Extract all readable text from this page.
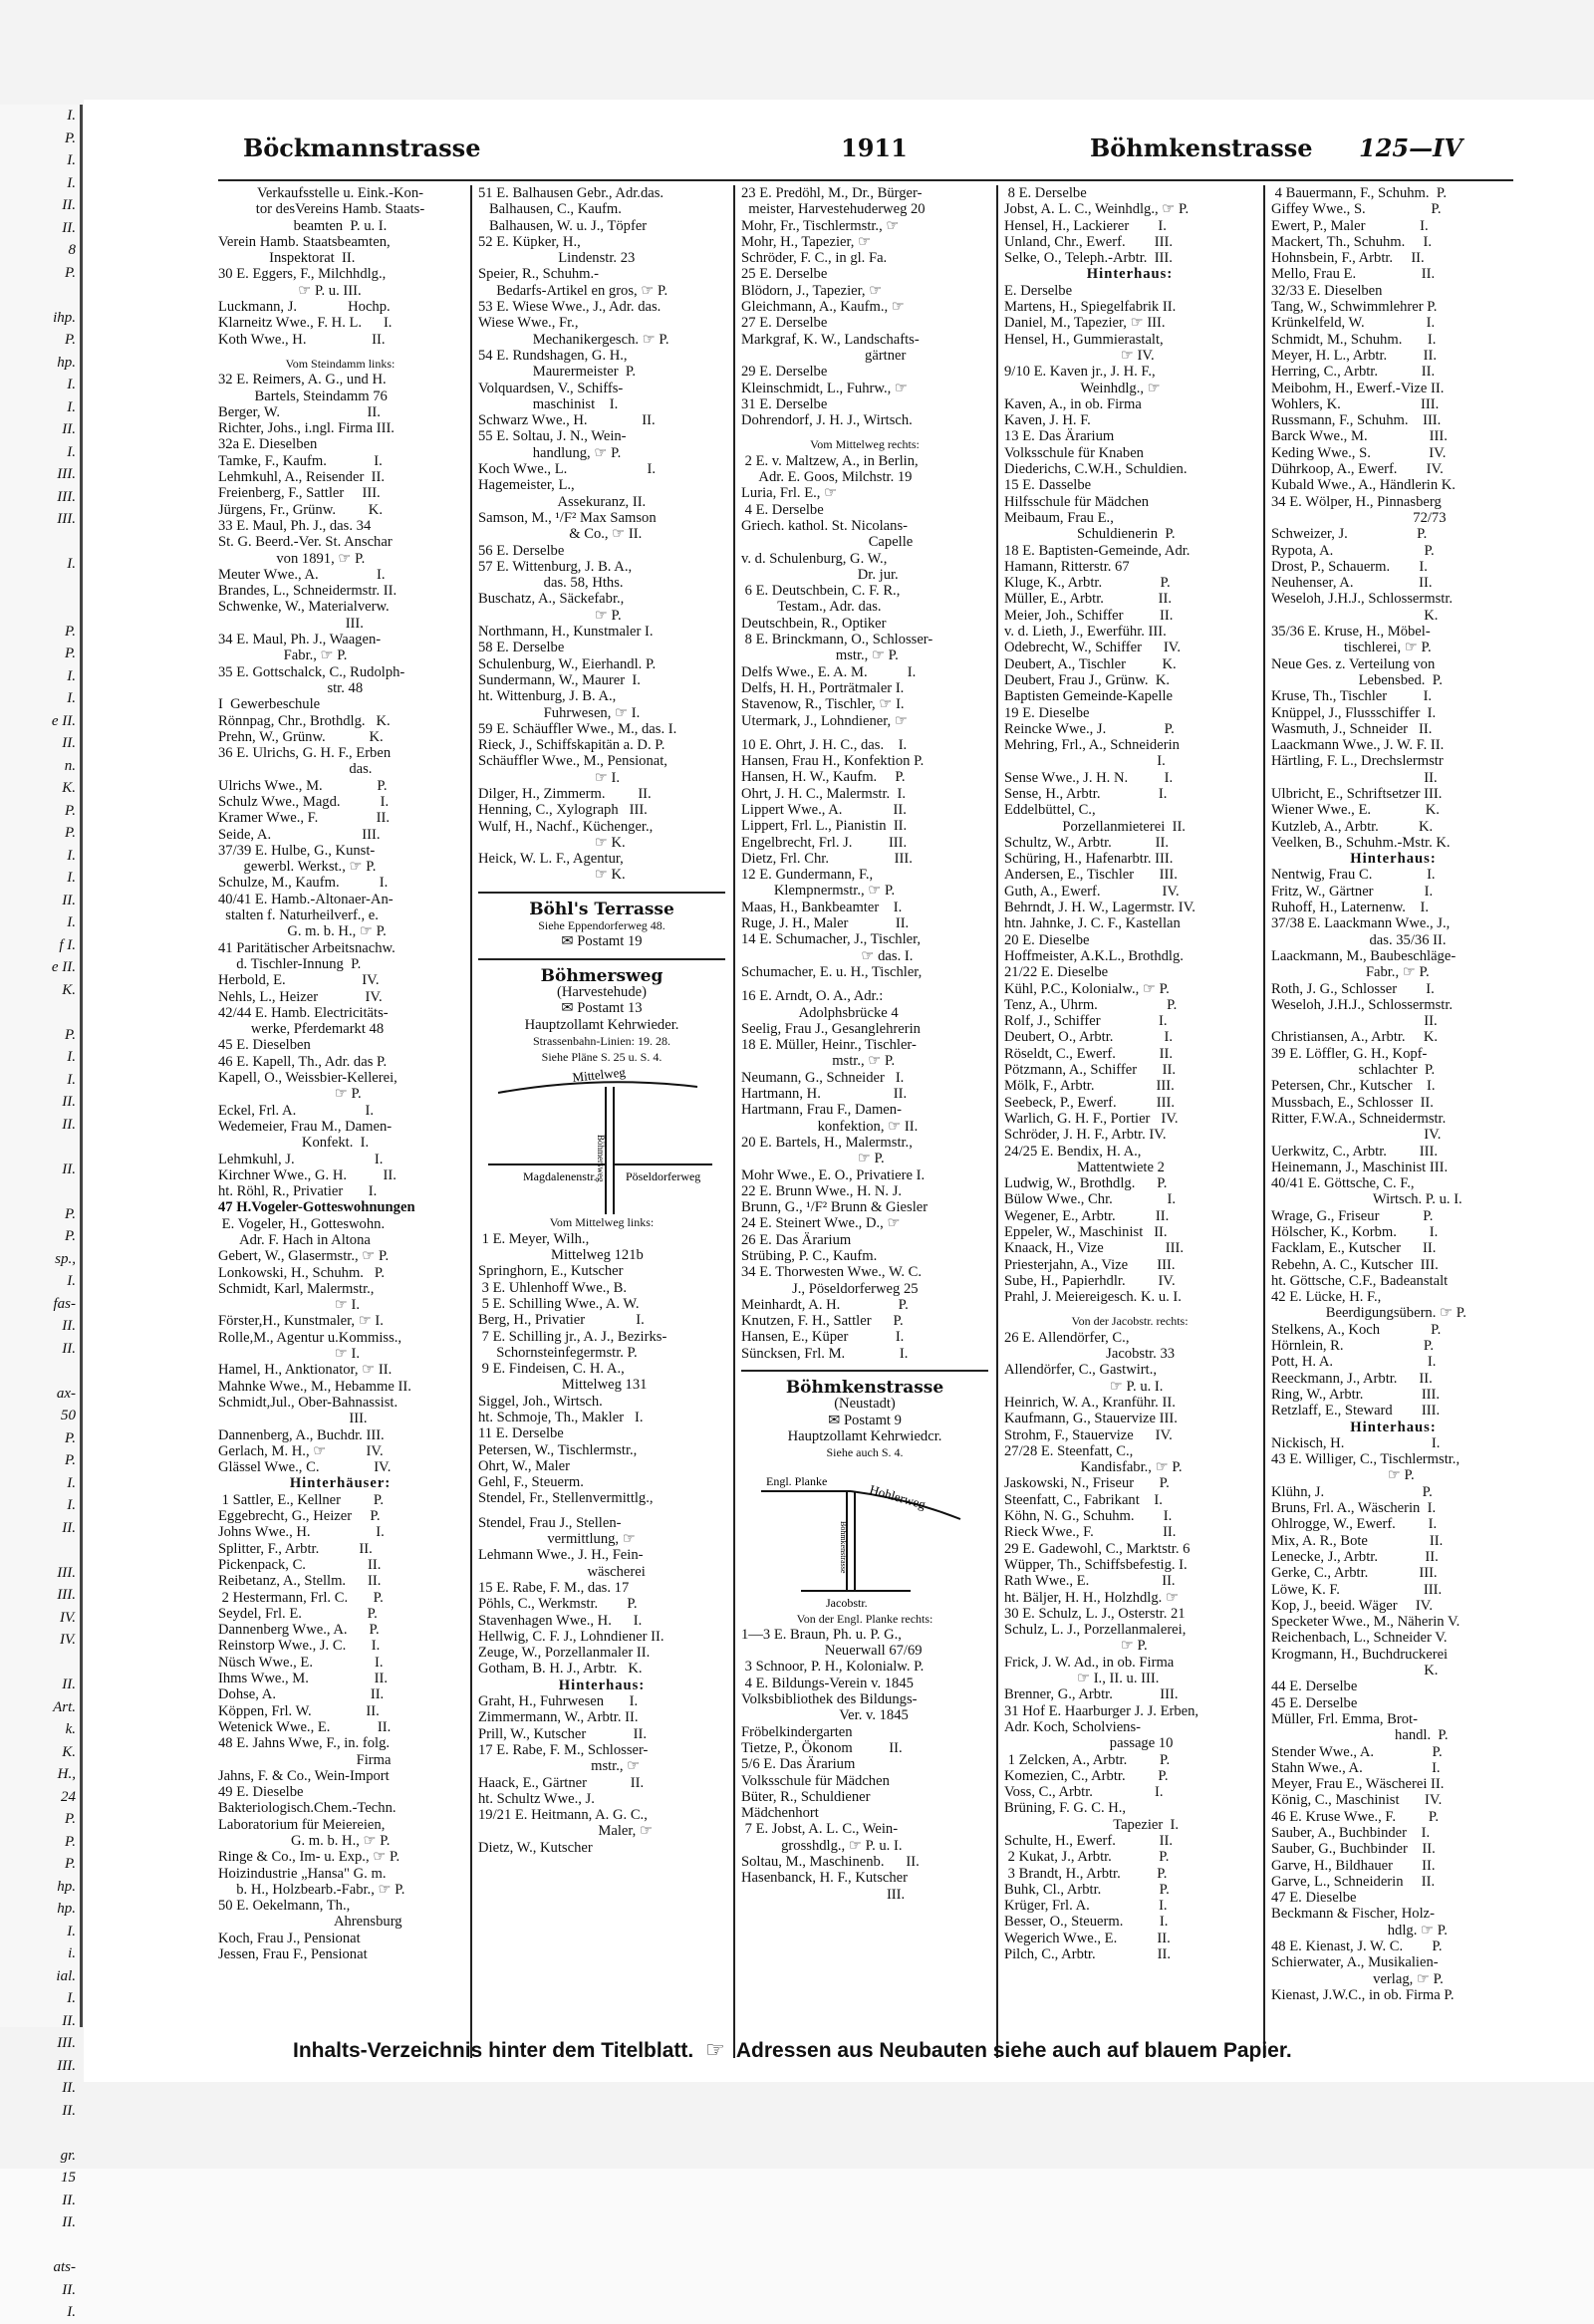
I.
P.
I.
I.
II.
II.
8
P.
ihp.
P.
hp.
I.
I.
II.
I.
III.
III.
III.
I.
P.
P.
I.
I.
e II.
II.
n.
K.
P.
P.
I.
I.
II.
I.
f I.
e II.
K.
P.
I.
I.
II.
II.
II.
P.
P.
sp.,
I.
fas-
II.
II.
ax-
50
P.
P.
I.
I.
II.
III.
III.
IV.
IV.
II.
Art.
k.
K.
H.,
24
P.
P.
P.
hp.
hp.
I.
i.
ial.
I.
II.
III.
III.
II.
II.
gr.
15
II.
II.
ats-
II.
I.
Böckmannstrasse	1911	Böhmkenstrasse 125—IV
Verkaufsstelle u. Eink.-Kon-
tor desVereins Hamb. Staats-
beamten  P. u. I.
Verein Hamb. Staatsbeamten,
Inspektorat  II.
30 E. Eggers, F., Milchhdlg.,
☞ P. u. III.
Luckmann, J.              Hochp.
Klarneitz Wwe., F. H. L.      I.
Koth Wwe., H.                  II.
Vom Steindamm links:
32 E. Reimers, A. G., und H.
Bartels, Steindamm 76
Berger, W.                        II.
Richter, Johs., i.ngl. Firma III.
32a E. Dieselben
Tamke, F., Kaufm.             I.
Lehmkuhl, A., Reisender  II.
Freienberg, F., Sattler     III.
Jürgens, Fr., Grünw.         K.
33 E. Maul, Ph. J., das. 34
St. G. Beerd.-Ver. St. Anschar
von 1891, ☞ P.
Meuter Wwe., A.                I.
Brandes, L., Schneidermstr. II.
Schwenke, W., Materialverw.
III.
34 E. Maul, Ph. J., Waagen-
Fabr., ☞ P.
35 E. Gottschalck, C., Rudolph-
str. 48
I  Gewerbeschule
Rönnpag, Chr., Brothdlg.   K.
Prehn, W., Grünw.            K.
36 E. Ulrichs, G. H. F., Erben
das.
Ulrichs Wwe., M.               P.
Schulz Wwe., Magd.           I.
Kramer Wwe., F.                II.
Seide, A.                         III.
37/39 E. Hulbe, G., Kunst-
gewerbl. Werkst., ☞ P.
Schulze, M., Kaufm.           I.
40/41 E. Hamb.-Altonaer-An-
stalten f. Naturheilverf., e.
G. m. b. H., ☞ P.
41 Paritätischer Arbeitsnachw.
d. Tischler-Innung  P.
Herbold, E.                     IV.
Nehls, L., Heizer             IV.
42/44 E. Hamb. Electricitäts-
werke, Pferdemarkt 48
45 E. Dieselben
46 E. Kapell, Th., Adr. das P.
Kapell, O., Weissbier-Kellerei,
☞ P.
Eckel, Frl. A.                   I.
Wedemeier, Frau M., Damen-
Konfekt.  I.
Lehmkuhl, J.                      I.
Kirchner Wwe., G. H.          II.
ht. Röhl, R., Privatier       I.
47 H.Vogeler-Gotteswohnungen
E. Vogeler, H., Gotteswohn.
Adr. F. Hach in Altona
Gebert, W., Glasermstr., ☞ P.
Lonkowski, H., Schuhm.   P.
Schmidt, Karl, Malermstr.,
☞ I.
Förster,H., Kunstmaler, ☞ I.
Rolle,M., Agentur u.Kommiss.,
☞ I.
Hamel, H., Anktionator, ☞ II.
Mahnke Wwe., M., Hebamme II.
Schmidt,Jul., Ober-Bahnassist.
III.
Dannenberg, A., Buchdr. III.
Gerlach, M. H., ☞           IV.
Glässel Wwe., C.               IV.
Hinterhäuser:
1 Sattler, E., Kellner         P.
Eggebrecht, G., Heizer     P.
Johns Wwe., H.                  I.
Splitter, F., Arbtr.           II.
Pickenpack, C.                 II.
Reibetanz, A., Stellm.      II.
2 Hestermann, Frl. C.       P.
Seydel, Frl. E.                  P.
Dannenberg Wwe., A.      P.
Reinstorp Wwe., J. C.       I.
Nüsch Wwe., E.                 I.
Ihms Wwe., M.                  II.
Dohse, A.                          II.
Köppen, Frl. W.               II.
Wetenick Wwe., E.             II.
48 E. Jahns Wwe, F., in. folg.
Firma
Jahns, F. & Co., Wein-Import
49 E. Dieselbe
Bakteriologisch.Chem.-Techn.
Laboratorium für Meiereien,
G. m. b. H., ☞ P.
Ringe & Co., Im- u. Exp., ☞ P.
Hoizindustrie „Hansa" G. m.
b. H., Holzbearb.-Fabr., ☞ P.
50 E. Oekelmann, Th.,
Ahrensburg
Koch, Frau J., Pensionat
Jessen, Frau F., Pensionat
51 E. Balhausen Gebr., Adr.das.
Balhausen, C., Kaufm.
Balhausen, W. u. J., Töpfer
52 E. Küpker, H.,
Lindenstr. 23
Speier, R., Schuhm.-
Bedarfs-Artikel en gros, ☞ P.
53 E. Wiese Wwe., J., Adr. das.
Wiese Wwe., Fr.,
Mechanikergesch. ☞ P.
54 E. Rundshagen, G. H.,
Maurermeister  P.
Volquardsen, V., Schiffs-
maschinist    I.
Schwarz Wwe., H.               II.
55 E. Soltau, J. N., Wein-
handlung, ☞ P.
Koch Wwe., L.                      I.
Hagemeister, L.,
Assekuranz, II.
Samson, M., ¹/F² Max Samson
& Co., ☞ II.
56 E. Derselbe
57 E. Wittenburg, J. B. A.,
das. 58, Hths.
Buschatz, A., Säckefabr.,
☞ P.
Northmann, H., Kunstmaler I.
58 E. Derselbe
Schulenburg, W., Eierhandl. P.
Sundermann, W., Maurer  I.
ht. Wittenburg, J. B. A.,
Fuhrwesen, ☞ I.
59 E. Schäuffler Wwe., M., das. I.
Rieck, J., Schiffskapitän a. D. P.
Schäuffler Wwe., M., Pensionat,
☞ I.
Dilger, H., Zimmerm.         II.
Henning, C., Xylograph   III.
Wulf, H., Nachf., Küchenger.,
☞ K.
Heick, W. L. F., Agentur,
☞ K.
Böhl's Terrasse
Siehe Eppendorferweg 48.
✉ Postamt 19
Böhmersweg
(Harvestehude)
✉ Postamt 13
Hauptzollamt Kehrwieder.
Strassenbahn-Linien: 19. 28.
Siehe Pläne S. 25 u. S. 4.
Mittelweg
Magdalenenstr. Pöseldorferweg
Böhmersweg
Vom Mittelweg links:
1 E. Meyer, Wilh.,
Mittelweg 121b
Springhorn, E., Kutscher
3 E. Uhlenhoff Wwe., B.
5 E. Schilling Wwe., A. W.
Berg, H., Privatier              I.
7 E. Schilling jr., A. J., Bezirks-
Schornsteinfegermstr. P.
9 E. Findeisen, C. H. A.,
Mittelweg 131
Siggel, Joh., Wirtsch.
ht. Schmoje, Th., Makler   I.
11 E. Derselbe
Petersen, W., Tischlermstr.,
Ohrt, W., Maler
Gehl, F., Steuerm.
Stendel, Fr., Stellenvermittlg.,
Stendel, Frau J., Stellen-
vermittlung, ☞
Lehmann Wwe., J. H., Fein-
wäscherei
15 E. Rabe, F. M., das. 17
Pöhls, C., Werkmstr.        P.
Stavenhagen Wwe., H.      I.
Hellwig, C. F. J., Lohndiener II.
Zeuge, W., Porzellanmaler II.
Gotham, B. H. J., Arbtr.   K.
Hinterhaus:
Graht, H., Fuhrwesen       I.
Zimmermann, W., Arbtr. II.
Prill, W., Kutscher             II.
17 E. Rabe, F. M., Schlosser-
mstr., ☞
Haack, E., Gärtner            II.
ht. Schultz Wwe., J.
19/21 E. Heitmann, A. G. C.,
Maler, ☞
Dietz, W., Kutscher
23 E. Predöhl, M., Dr., Bürger-
meister, Harvestehuderweg 20
Mohr, Fr., Tischlermstr., ☞
Mohr, H., Tapezier, ☞
Schröder, F. C., in gl. Fa.
25 E. Derselbe
Blödorn, J., Tapezier, ☞
Gleichmann, A., Kaufm., ☞
27 E. Derselbe
Markgraf, K. W., Landschafts-
gärtner
29 E. Derselbe
Kleinschmidt, L., Fuhrw., ☞
31 E. Derselbe
Dohrendorf, J. H. J., Wirtsch.
Vom Mittelweg rechts:
2 E. v. Maltzew, A., in Berlin,
Adr. E. Goos, Milchstr. 19
Luria, Frl. E., ☞
4 E. Derselbe
Griech. kathol. St. Nicolans-
Capelle
v. d. Schulenburg, G. W.,
Dr. jur.
6 E. Deutschbein, C. F. R.,
Testam., Adr. das.
Deutschbein, R., Optiker
8 E. Brinckmann, O., Schlosser-
mstr., ☞ P.
Delfs Wwe., E. A. M.           I.
Delfs, H. H., Porträtmaler I.
Stavenow, R., Tischler, ☞ I.
Utermark, J., Lohndiener, ☞
10 E. Ohrt, J. H. C., das.    I.
Hansen, Frau H., Konfektion P.
Hansen, H. W., Kaufm.     P.
Ohrt, J. H. C., Malermstr.  I.
Lippert Wwe., A.              II.
Lippert, Frl. L., Pianistin  II.
Engelbrecht, Frl. J.          III.
Dietz, Frl. Chr.                  III.
12 E. Gundermann, F.,
Klempnermstr., ☞ P.
Maas, H., Bankbeamter    I.
Ruge, J. H., Maler             II.
14 E. Schumacher, J., Tischler,
☞ das. I.
Schumacher, E. u. H., Tischler,
16 E. Arndt, O. A., Adr.:
Adolphsbrücke 4
Seelig, Frau J., Gesanglehrerin
18 E. Müller, Heinr., Tischler-
mstr., ☞ P.
Neumann, G., Schneider   I.
Hartmann, H.                    II.
Hartmann, Frau F., Damen-
konfektion, ☞ II.
20 E. Bartels, H., Malermstr.,
☞ P.
Mohr Wwe., E. O., Privatiere I.
22 E. Brunn Wwe., H. N. J.
Brunn, G., ¹/F² Brunn & Giesler
24 E. Steinert Wwe., D., ☞
26 E. Das Ärarium
Strübing, P. C., Kaufm.
34 E. Thorwesten Wwe., W. C.
J., Pöseldorferweg 25
Meinhardt, A. H.                P.
Knutzen, F. H., Sattler      P.
Hansen, E., Küper             I.
Süncksen, Frl. M.               I.
Böhmkenstrasse
(Neustadt)
✉ Postamt 9
Hauptzollamt Kehrwiedcr.
Siehe auch S. 4.
Engl. Planke
Hohlerweg
Böhmkenstrasse
Jacobstr.
Von der Engl. Planke rechts:
1—3 E. Braun, Ph. u. P. G.,
Neuerwall 67/69
3 Schnoor, P. H., Kolonialw. P.
4 E. Bildungs-Verein v. 1845
Volksbibliothek des Bildungs-
Ver. v. 1845
Fröbelkindergarten
Tietze, P., Ökonom          II.
5/6 E. Das Ärarium
Volksschule für Mädchen
Büter, R., Schuldiener
Mädchenhort
7 E. Jobst, A. L. C., Wein-
grosshdlg., ☞ P. u. I.
Soltau, M., Maschinenb.      II.
Hasenbanck, H. F., Kutscher
III.
8 E. Derselbe
Jobst, A. L. C., Weinhdlg., ☞ P.
Hensel, H., Lackierer        I.
Unland, Chr., Ewerf.        III.
Selke, O., Teleph.-Arbtr.  III.
Hinterhaus:
E. Derselbe
Martens, H., Spiegelfabrik II.
Daniel, M., Tapezier, ☞ III.
Hensel, H., Gummierastalt,
☞ IV.
9/10 E. Kaven jr., J. H. F.,
Weinhdlg., ☞
Kaven, A., in ob. Firma
Kaven, J. H. F.
13 E. Das Ärarium
Volksschule für Knaben
Diederichs, C.W.H., Schuldien.
15 E. Dasselbe
Hilfsschule für Mädchen
Meibaum, Frau E.,
Schuldienerin  P.
18 E. Baptisten-Gemeinde, Adr.
Hamann, Ritterstr. 67
Kluge, K., Arbtr.                P.
Müller, E., Arbtr.               II.
Meier, Joh., Schiffer          II.
v. d. Lieth, J., Ewerführ. III.
Odebrecht, W., Schiffer      IV.
Deubert, A., Tischler          K.
Deubert, Frau J., Grünw.  K.
Baptisten Gemeinde-Kapelle
19 E. Dieselbe
Reincke Wwe., J.                P.
Mehring, Frl., A., Schneiderin
I.
Sense Wwe., J. H. N.          I.
Sense, H., Arbtr.                I.
Eddelbüttel, C.,
Porzellanmieterei  II.
Schultz, W., Arbtr.            II.
Schüring, H., Hafenarbtr. III.
Andersen, E., Tischler       III.
Guth, A., Ewerf.                 IV.
Behrndt, J. H. W., Lagermstr. IV.
htn. Jahnke, J. C. F., Kastellan
20 E. Dieselbe
Hoffmeister, A.K.L., Brothdlg.
21/22 E. Dieselbe
Kühl, P.C., Kolonialw., ☞ P.
Tenz, A., Uhrm.                   P.
Rolf, J., Schiffer                I.
Deubert, O., Arbtr.              I.
Röseldt, C., Ewerf.            II.
Pötzmann, A., Schiffer       II.
Mölk, F., Arbtr.                 III.
Seebeck, P., Ewerf.           III.
Warlich, G. H. F., Portier   IV.
Schröder, J. H. F., Arbtr. IV.
24/25 E. Bendix, H. A.,
Mattentwiete 2
Ludwig, W., Brothdlg.      P.
Bülow Wwe., Chr.               I.
Wegener, E., Arbtr.           II.
Eppeler, W., Maschinist   II.
Knaack, H., Vize                 III.
Priesterjahn, A., Vize        III.
Sube, H., Papierhdlr.         IV.
Prahl, J. Meiereigesch. K. u. I.
Von der Jacobstr. rechts:
26 E. Allendörfer, C.,
Jacobstr. 33
Allendörfer, C., Gastwirt.,
☞ P. u. I.
Heinrich, W. A., Kranführ. II.
Kaufmann, G., Stauervize III.
Strohm, F., Stauervize      IV.
27/28 E. Steenfatt, C.,
Kandisfabr., ☞ P.
Jaskowski, N., Friseur       P.
Steenfatt, C., Fabrikant    I.
Köhn, N. G., Schuhm.        I.
Rieck Wwe., F.                   II.
29 E. Gadewohl, C., Marktstr. 6
Wüpper, Th., Schiffsbefestig. I.
Rath Wwe., E.                    II.
ht. Bäljer, H. H., Holzhdlg. ☞
30 E. Schulz, L. J., Osterstr. 21
Schulz, L. J., Porzellanmalerei,
☞ P.
Frick, J. W. Ad., in ob. Firma
☞ I., II. u. III.
Brenner, G., Arbtr.             III.
31 Hof E. Haarburger J. J. Erben,
Adr. Koch, Scholviens-
passage 10
1 Zelcken, A., Arbtr.         P.
Komezien, C., Arbtr.         P.
Voss, C., Arbtr.                 I.
Brüning, F. G. C. H.,
Tapezier  I.
Schulte, H., Ewerf.            II.
2 Kukat, J., Arbtr.             P.
3 Brandt, H., Arbtr.          P.
Buhk, Cl., Arbtr.                P.
Krüger, Frl. A.                   I.
Besser, O., Steuerm.          I.
Wegerich Wwe., E.           II.
Pilch, C., Arbtr.                 II.
4 Bauermann, F., Schuhm.  P.
Giffey Wwe., S.                  P.
Ewert, P., Maler               I.
Mackert, Th., Schuhm.     I.
Hohnsbein, F., Arbtr.     II.
Mello, Frau E.                  II.
32/33 E. Dieselben
Tang, W., Schwimmlehrer P.
Krünkelfeld, W.                 I.
Schmidt, M., Schuhm.       I.
Meyer, H. L., Arbtr.          II.
Herring, C., Arbtr.            II.
Meibohm, H., Ewerf.-Vize II.
Wohlers, K.                      III.
Russmann, F., Schuhm.    III.
Barck Wwe., M.                 III.
Keding Wwe., S.                IV.
Dührkoop, A., Ewerf.        IV.
Kubald Wwe., A., Händlerin K.
34 E. Wölper, H., Pinnasberg
72/73
Schweizer, J.                   P.
Rypota, A.                         P.
Drost, P., Schauerm.        I.
Neuhenser, A.                  II.
Weseloh, J.H.J., Schlossermstr.
K.
35/36 E. Kruse, H., Möbel-
tischlerei, ☞ P.
Neue Ges. z. Verteilung von
Lebensbed.  P.
Kruse, Th., Tischler          I.
Knüppel, J., Flussschiffer  I.
Wasmuth, J., Schneider   II.
Laackmann Wwe., J. W. F. II.
Härtling, F. L., Drechslermstr
II.
Ulbricht, E., Schriftsetzer III.
Wiener Wwe., E.               K.
Kutzleb, A., Arbtr.           K.
Veelken, B., Schuhm.-Mstr. K.
Hinterhaus:
Nentwig, Frau C.               I.
Fritz, W., Gärtner              I.
Ruhoff, H., Laternenw.    I.
37/38 E. Laackmann Wwe., J.,
das. 35/36 II.
Laackmann, M., Baubeschläge-
Fabr., ☞ P.
Roth, J. G., Schlosser        I.
Weseloh, J.H.J., Schlossermstr.
II.
Christiansen, A., Arbtr.     K.
39 E. Löffler, G. H., Kopf-
schlachter  P.
Petersen, Chr., Kutscher    I.
Mussbach, E., Schlosser  II.
Ritter, F.W.A., Schneidermstr.
IV.
Uerkwitz, C., Arbtr.         III.
Heinemann, J., Maschinist III.
40/41 E. Göttsche, C. F.,
Wirtsch. P. u. I.
Wrage, G., Friseur            P.
Hölscher, K., Korbm.         I.
Facklam, E., Kutscher      II.
Rebehn, A. C., Kutscher  III.
ht. Göttsche, C.F., Badeanstalt
42 E. Lücke, H. F.,
Beerdigungsübern. ☞ P.
Stelkens, A., Koch              P.
Hörnlein, R.                      P.
Pott, H. A.                          I.
Reeckmann, J., Arbtr.      II.
Ring, W., Arbtr.                III.
Retzlaff, E., Steward        III.
Hinterhaus:
Nickisch, H.                        I.
43 E. Williger, C., Tischlermstr.,
☞ P.
Klühn, J.                           P.
Bruns, Frl. A., Wäscherin  I.
Ohlrogge, W., Ewerf.         I.
Mix, A. R., Bote                 II.
Lenecke, J., Arbtr.             II.
Gerke, C., Arbtr.              III.
Löwe, K. F.                       III.
Kop, J., beeid. Wäger     IV.
Specketer Wwe., M., Näherin V.
Reichenbach, L., Schneider V.
Krogmann, H., Buchdruckerei
K.
44 E. Derselbe
45 E. Derselbe
Müller, Frl. Emma, Brot-
handl.  P.
Stender Wwe., A.                P.
Stahn Wwe., A.                   I.
Meyer, Frau E., Wäscherei II.
König, C., Maschinist       IV.
46 E. Kruse Wwe., F.         P.
Sauber, A., Buchbinder    I.
Sauber, G., Buchbinder    II.
Garve, H., Bildhauer        II.
Garve, L., Schneiderin     II.
47 E. Dieselbe
Beckmann & Fischer, Holz-
hdlg. ☞ P.
48 E. Kienast, J. W. C.        P.
Schierwater, A., Musikalien-
verlag, ☞ P.
Kienast, J.W.C., in ob. Firma P.
Inhalts-Verzeichnis hinter dem Titelblatt. ☞ Adressen aus Neubauten siehe auch auf blauem Papier.
